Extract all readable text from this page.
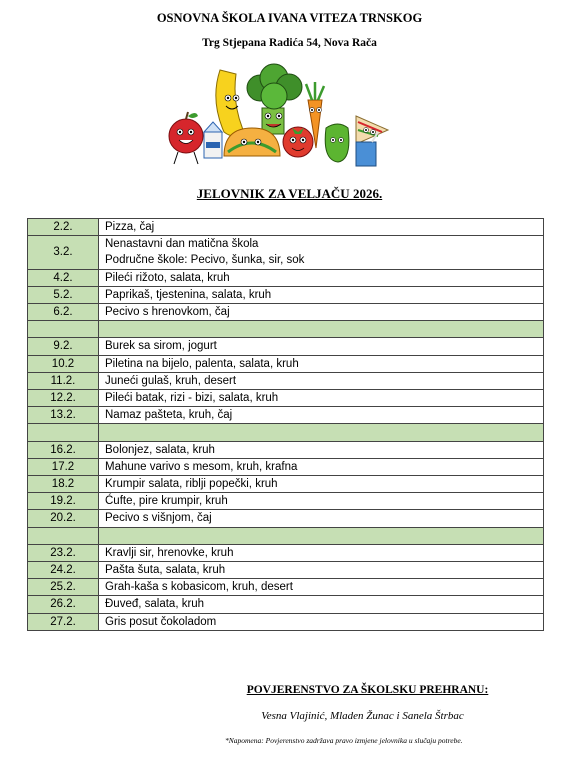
OSNOVNA ŠKOLA IVANA VITEZA TRNSKOG
Trg Stjepana Radića 54, Nova Rača
JELOVNIK ZA VELJAČU 2026.
2.2.	Pizza, čaj

3.2.	Nenastavni dan matična škola
Područne škole: Pecivo, šunka, sir, sok

4.2.	Pileći rižoto, salata, kruh

5.2.	Paprikaš, tjestenina, salata, kruh

6.2.	Pecivo s hrenovkom, čaj

9.2.	Burek sa sirom, jogurt

10.2	Piletina na bijelo, palenta, salata, kruh

11.2.	Juneći gulaš, kruh, desert

12.2.	Pileći batak, rizi - bizi, salata, kruh

13.2.	Namaz pašteta, kruh, čaj

16.2.	Bolonjez, salata, kruh

17.2	Mahune varivo s mesom, kruh, krafna

18.2	Krumpir salata, riblji popečki, kruh

19.2.	Ćufte, pire krumpir, kruh

20.2.	Pecivo s višnjom, čaj

23.2.	Kravlji sir, hrenovke, kruh

24.2.	Pašta šuta, salata, kruh

25.2.	Grah-kaša s kobasicom, kruh, desert

26.2.	Đuveđ, salata, kruh

27.2.	Gris posut čokoladom
POVJERENSTVO ZA ŠKOLSKU PREHRANU:
Vesna Vlajinić, Mladen Žunac i Sanela Štrbac
*Napomena: Povjerenstvo zadržava pravo izmjene jelovnika u slučaju potrebe.
